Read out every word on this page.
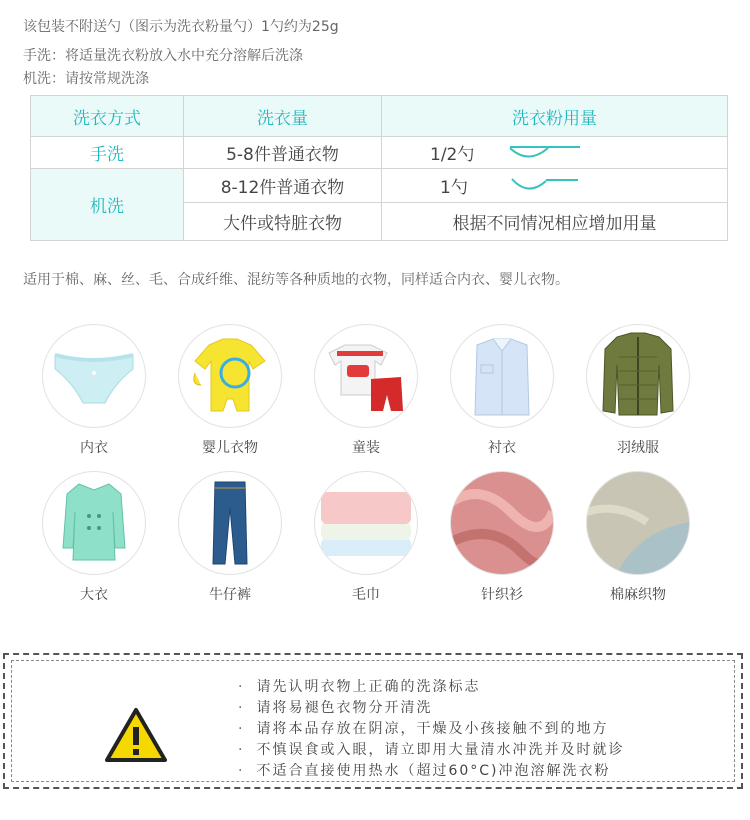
该包装不附送勺（图示为洗衣粉量勺）1勺约为25g
手洗：将适量洗衣粉放入水中充分溶解后洗涤
机洗：请按常规洗涤
洗衣方式	洗衣量	洗衣粉用量
手洗	5-8件普通衣物	1/2勺

机洗	8-12件普通衣物	1勺

	大件或特脏衣物	根据不同情况相应增加用量
适用于棉、麻、丝、毛、合成纤维、混纺等各种质地的衣物，同样适合内衣、婴儿衣物。
内衣	婴儿衣物	童装	衬衣	羽绒服
大衣	牛仔裤	毛巾	针织衫	棉麻织物
· 请先认明衣物上正确的洗涤标志
· 请将易褪色衣物分开清洗
· 请将本品存放在阴凉，干燥及小孩接触不到的地方
· 不慎误食或入眼，请立即用大量清水冲洗并及时就诊
· 不适合直接使用热水（超过60°C)冲泡溶解洗衣粉
